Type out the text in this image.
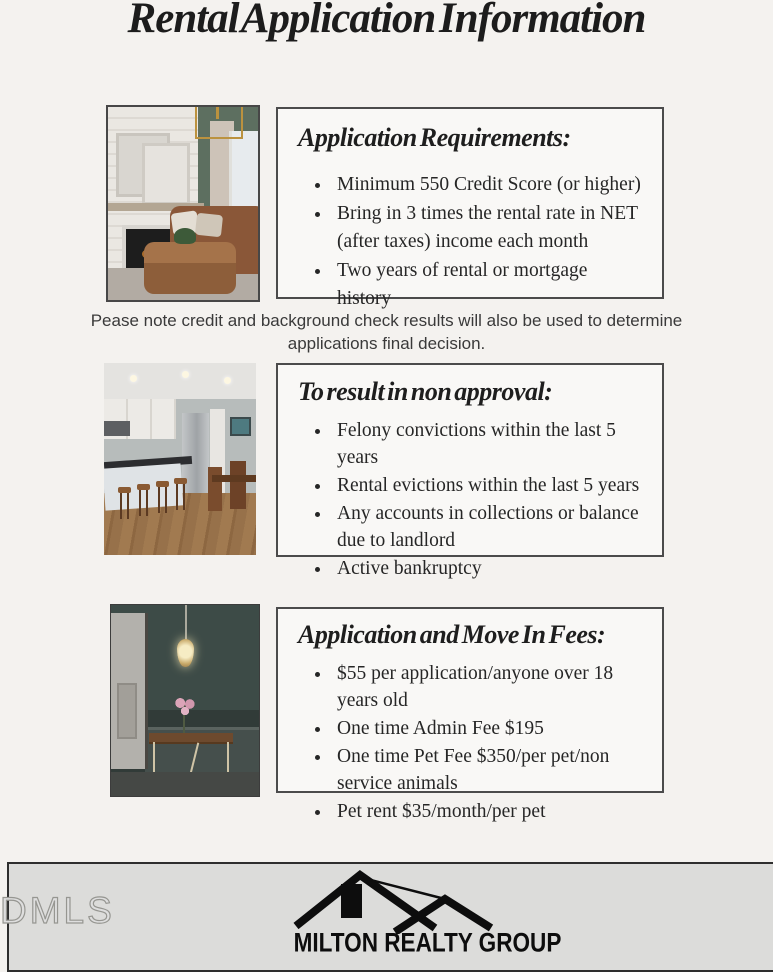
Rental Application Information
Application Requirements:
• Minimum 550 Credit Score (or higher)
• Bring in 3 times the rental rate in NET (after taxes) income each month
• Two years of rental or mortgage history
Pease note credit and background check results will also be used to determine
applications final decision.
To result in non approval:
• Felony convictions within the last 5 years
• Rental evictions within the last 5 years
• Any accounts in collections or balance due to landlord
• Active bankruptcy
Application and Move In Fees:
• $55 per application/anyone over 18 years old
• One time Admin Fee $195
• One time Pet Fee $350/per pet/non service animals
• Pet rent $35/month/per pet
DMLS
MILTON REALTY GROUP
